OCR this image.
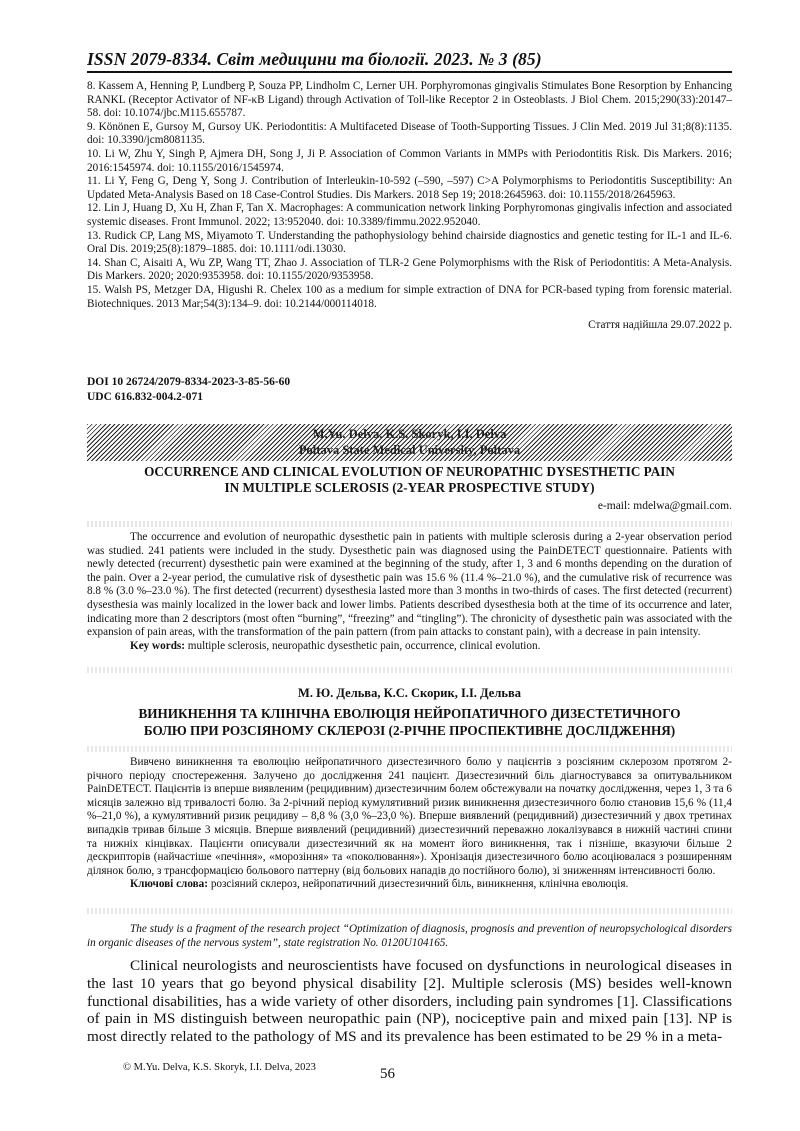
ISSN 2079-8334. Світ медицини та біології. 2023. № 3 (85)

8. Kassem A, Henning P, Lundberg P, Souza PP, Lindholm C, Lerner UH. Porphyromonas gingivalis Stimulates Bone Resorption by Enhancing RANKL (Receptor Activator of NF-κB Ligand) through Activation of Toll-like Receptor 2 in Osteoblasts. J Biol Chem. 2015;290(33):20147–58. doi: 10.1074/jbc.M115.655787.

9. Könönen E, Gursoy M, Gursoy UK. Periodontitis: A Multifaceted Disease of Tooth-Supporting Tissues. J Clin Med. 2019 Jul 31;8(8):1135. doi: 10.3390/jcm8081135.

10. Li W, Zhu Y, Singh P, Ajmera DH, Song J, Ji P. Association of Common Variants in MMPs with Periodontitis Risk. Dis Markers. 2016; 2016:1545974. doi: 10.1155/2016/1545974.

11. Li Y, Feng G, Deng Y, Song J. Contribution of Interleukin-10-592 (–590, –597) C>A Polymorphisms to Periodontitis Susceptibility: An Updated Meta-Analysis Based on 18 Case-Control Studies. Dis Markers. 2018 Sep 19; 2018:2645963. doi: 10.1155/2018/2645963.

12. Lin J, Huang D, Xu H, Zhan F, Tan X. Macrophages: A communication network linking Porphyromonas gingivalis infection and associated systemic diseases. Front Immunol. 2022; 13:952040. doi: 10.3389/fimmu.2022.952040.

13. Rudick CP, Lang MS, Miyamoto T. Understanding the pathophysiology behind chairside diagnostics and genetic testing for IL-1 and IL-6. Oral Dis. 2019;25(8):1879–1885. doi: 10.1111/odi.13030.

14. Shan C, Aisaiti A, Wu ZP, Wang TT, Zhao J. Association of TLR-2 Gene Polymorphisms with the Risk of Periodontitis: A Meta-Analysis. Dis Markers. 2020; 2020:9353958. doi: 10.1155/2020/9353958.

15. Walsh PS, Metzger DA, Higushi R. Chelex 100 as a medium for simple extraction of DNA for PCR-based typing from forensic material. Biotechniques. 2013 Mar;54(3):134–9. doi: 10.2144/000114018.

Стаття надійшла 29.07.2022 р.
DOI 10 26724/2079-8334-2023-3-85-56-60
UDC 616.832-004.2-071
M.Yu. Delva, K.S. Skoryk, I.I. Delva
Poltava State Medical University, Poltava
OCCURRENCE AND CLINICAL EVOLUTION OF NEUROPATHIC DYSESTHETIC PAIN
IN MULTIPLE SCLEROSIS (2-YEAR PROSPECTIVE STUDY)
e-mail: mdelwa@gmail.com.

The occurrence and evolution of neuropathic dysesthetic pain in patients with multiple sclerosis during a 2-year observation period was studied. 241 patients were included in the study. Dysesthetic pain was diagnosed using the PainDETECT questionnaire. Patients with newly detected (recurrent) dysesthetic pain were examined at the beginning of the study, after 1, 3 and 6 months depending on the duration of the pain. Over a 2-year period, the cumulative risk of dysesthetic pain was 15.6 % (11.4 %–21.0 %), and the cumulative risk of recurrence was 8.8 % (3.0 %–23.0 %). The first detected (recurrent) dysesthesia lasted more than 3 months in two-thirds of cases. The first detected (recurrent) dysesthesia was mainly localized in the lower back and lower limbs. Patients described dysesthesia both at the time of its occurrence and later, indicating more than 2 descriptors (most often “burning”, “freezing” and “tingling”). The chronicity of dysesthetic pain was associated with the expansion of pain areas, with the transformation of the pain pattern (from pain attacks to constant pain), with a decrease in pain intensity.

Key words: multiple sclerosis, neuropathic dysesthetic pain, occurrence, clinical evolution.

М. Ю. Дельва, К.С. Скорик, І.І. Дельва
ВИНИКНЕННЯ ТА КЛІНІЧНА ЕВОЛЮЦІЯ НЕЙРОПАТИЧНОГО ДИЗЕСТЕТИЧНОГО
БОЛЮ ПРИ РОЗСІЯНОМУ СКЛЕРОЗІ (2-РІЧНЕ ПРОСПЕКТИВНЕ ДОСЛІДЖЕННЯ)

Вивчено виникнення та еволюцію нейропатичного дизестезичного болю у пацієнтів з розсіяним склерозом протягом 2-річного періоду спостереження. Залучено до дослідження 241 пацієнт. Дизестезичний біль діагностувався за опитувальником PainDETECT. Пацієнтів із вперше виявленим (рецидивним) дизестезичним болем обстежували на початку дослідження, через 1, 3 та 6 місяців залежно від тривалості болю. За 2-річний період кумулятивний ризик виникнення дизестезичного болю становив 15,6 % (11,4 %–21,0 %), а кумулятивний ризик рецидиву – 8,8 % (3,0 %–23,0 %). Вперше виявлений (рецидивний) дизестезичний у двох третинах випадків тривав більше 3 місяців. Вперше виявлений (рецидивний) дизестезичний переважно локалізувався в нижній частині спини та нижніх кінцівках. Пацієнти описували дизестезичний як на момент його виникнення, так і пізніше, вказуючи більше 2 дескрипторів (найчастіше «печіння», «морозіння» та «поколювання»). Хронізація дизестезичного болю асоціювалася з розширенням ділянок болю, з трансформацією больового паттерну (від больових нападів до постійного болю), зі зниженням інтенсивності болю.

Ключові слова: розсіяний склероз, нейропатичний дизестезичний біль, виникнення, клінічна еволюція.

The study is a fragment of the research project “Optimization of diagnosis, prognosis and prevention of neuropsychological disorders in organic diseases of the nervous system”, state registration No. 0120U104165.

Clinical neurologists and neuroscientists have focused on dysfunctions in neurological diseases in the last 10 years that go beyond physical disability [2]. Multiple sclerosis (MS) besides well-known functional disabilities, has a wide variety of other disorders, including pain syndromes [1]. Classifications of pain in MS distinguish between neuropathic pain (NP), nociceptive pain and mixed pain [13]. NP is most directly related to the pathology of MS and its prevalence has been estimated to be 29 % in a meta-

© M.Yu. Delva, K.S. Skoryk, I.I. Delva, 2023	56
